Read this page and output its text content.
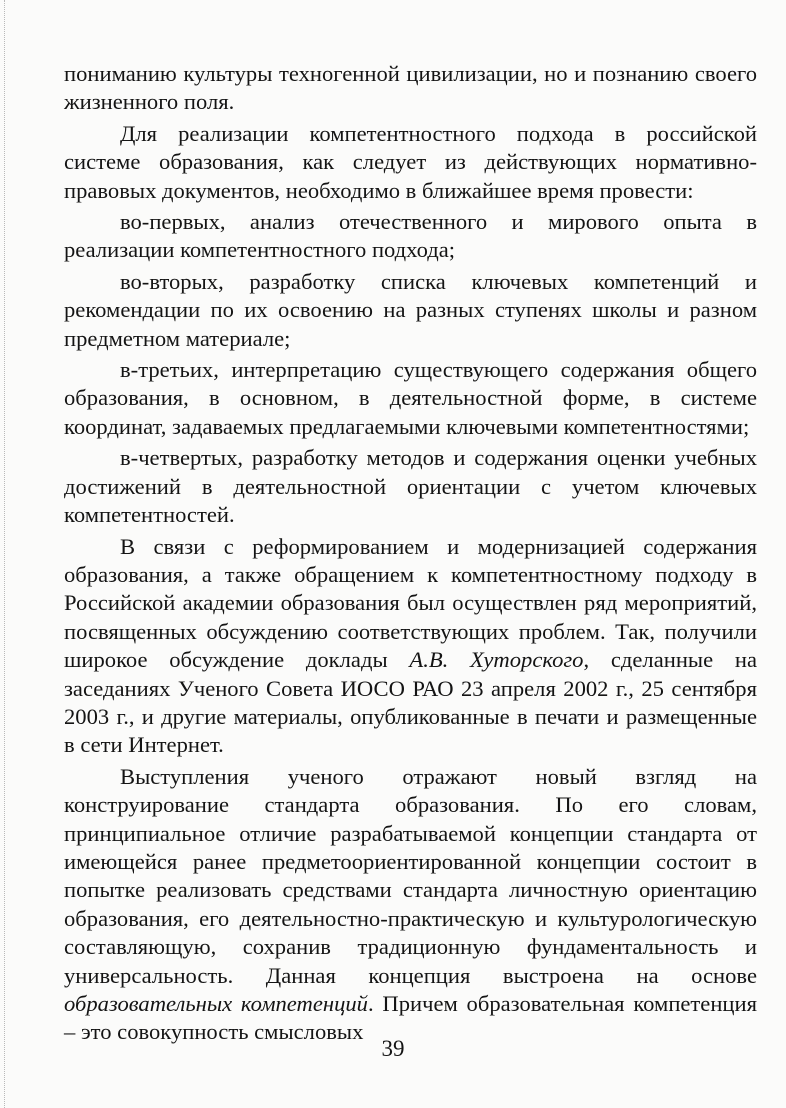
пониманию культуры техногенной цивилизации, но и познанию своего жизненного поля.

Для реализации компетентностного подхода в российской системе образования, как следует из действующих нормативно-правовых документов, необходимо в ближайшее время провести:

во-первых, анализ отечественного и мирового опыта в реализации компетентностного подхода;

во-вторых, разработку списка ключевых компетенций и рекомендации по их освоению на разных ступенях школы и разном предметном материале;

в-третьих, интерпретацию существующего содержания общего образования, в основном, в деятельностной форме, в системе координат, задаваемых предлагаемыми ключевыми компетентностями;

в-четвертых, разработку методов и содержания оценки учебных достижений в деятельностной ориентации с учетом ключевых компетентностей.

В связи с реформированием и модернизацией содержания образования, а также обращением к компетентностному подходу в Российской академии образования был осуществлен ряд мероприятий, посвященных обсуждению соответствующих проблем. Так, получили широкое обсуждение доклады А.В. Хуторского, сделанные на заседаниях Ученого Совета ИОСО РАО 23 апреля 2002 г., 25 сентября 2003 г., и другие материалы, опубликованные в печати и размещенные в сети Интернет.

Выступления ученого отражают новый взгляд на конструирование стандарта образования. По его словам, принципиальное отличие разрабатываемой концепции стандарта от имеющейся ранее предметоориентированной концепции состоит в попытке реализовать средствами стандарта личностную ориентацию образования, его деятельностно-практическую и культурологическую составляющую, сохранив традиционную фундаментальность и универсальность. Данная концепция выстроена на основе образовательных компетенций. Причем образовательная компетенция – это совокупность смысловых

39
